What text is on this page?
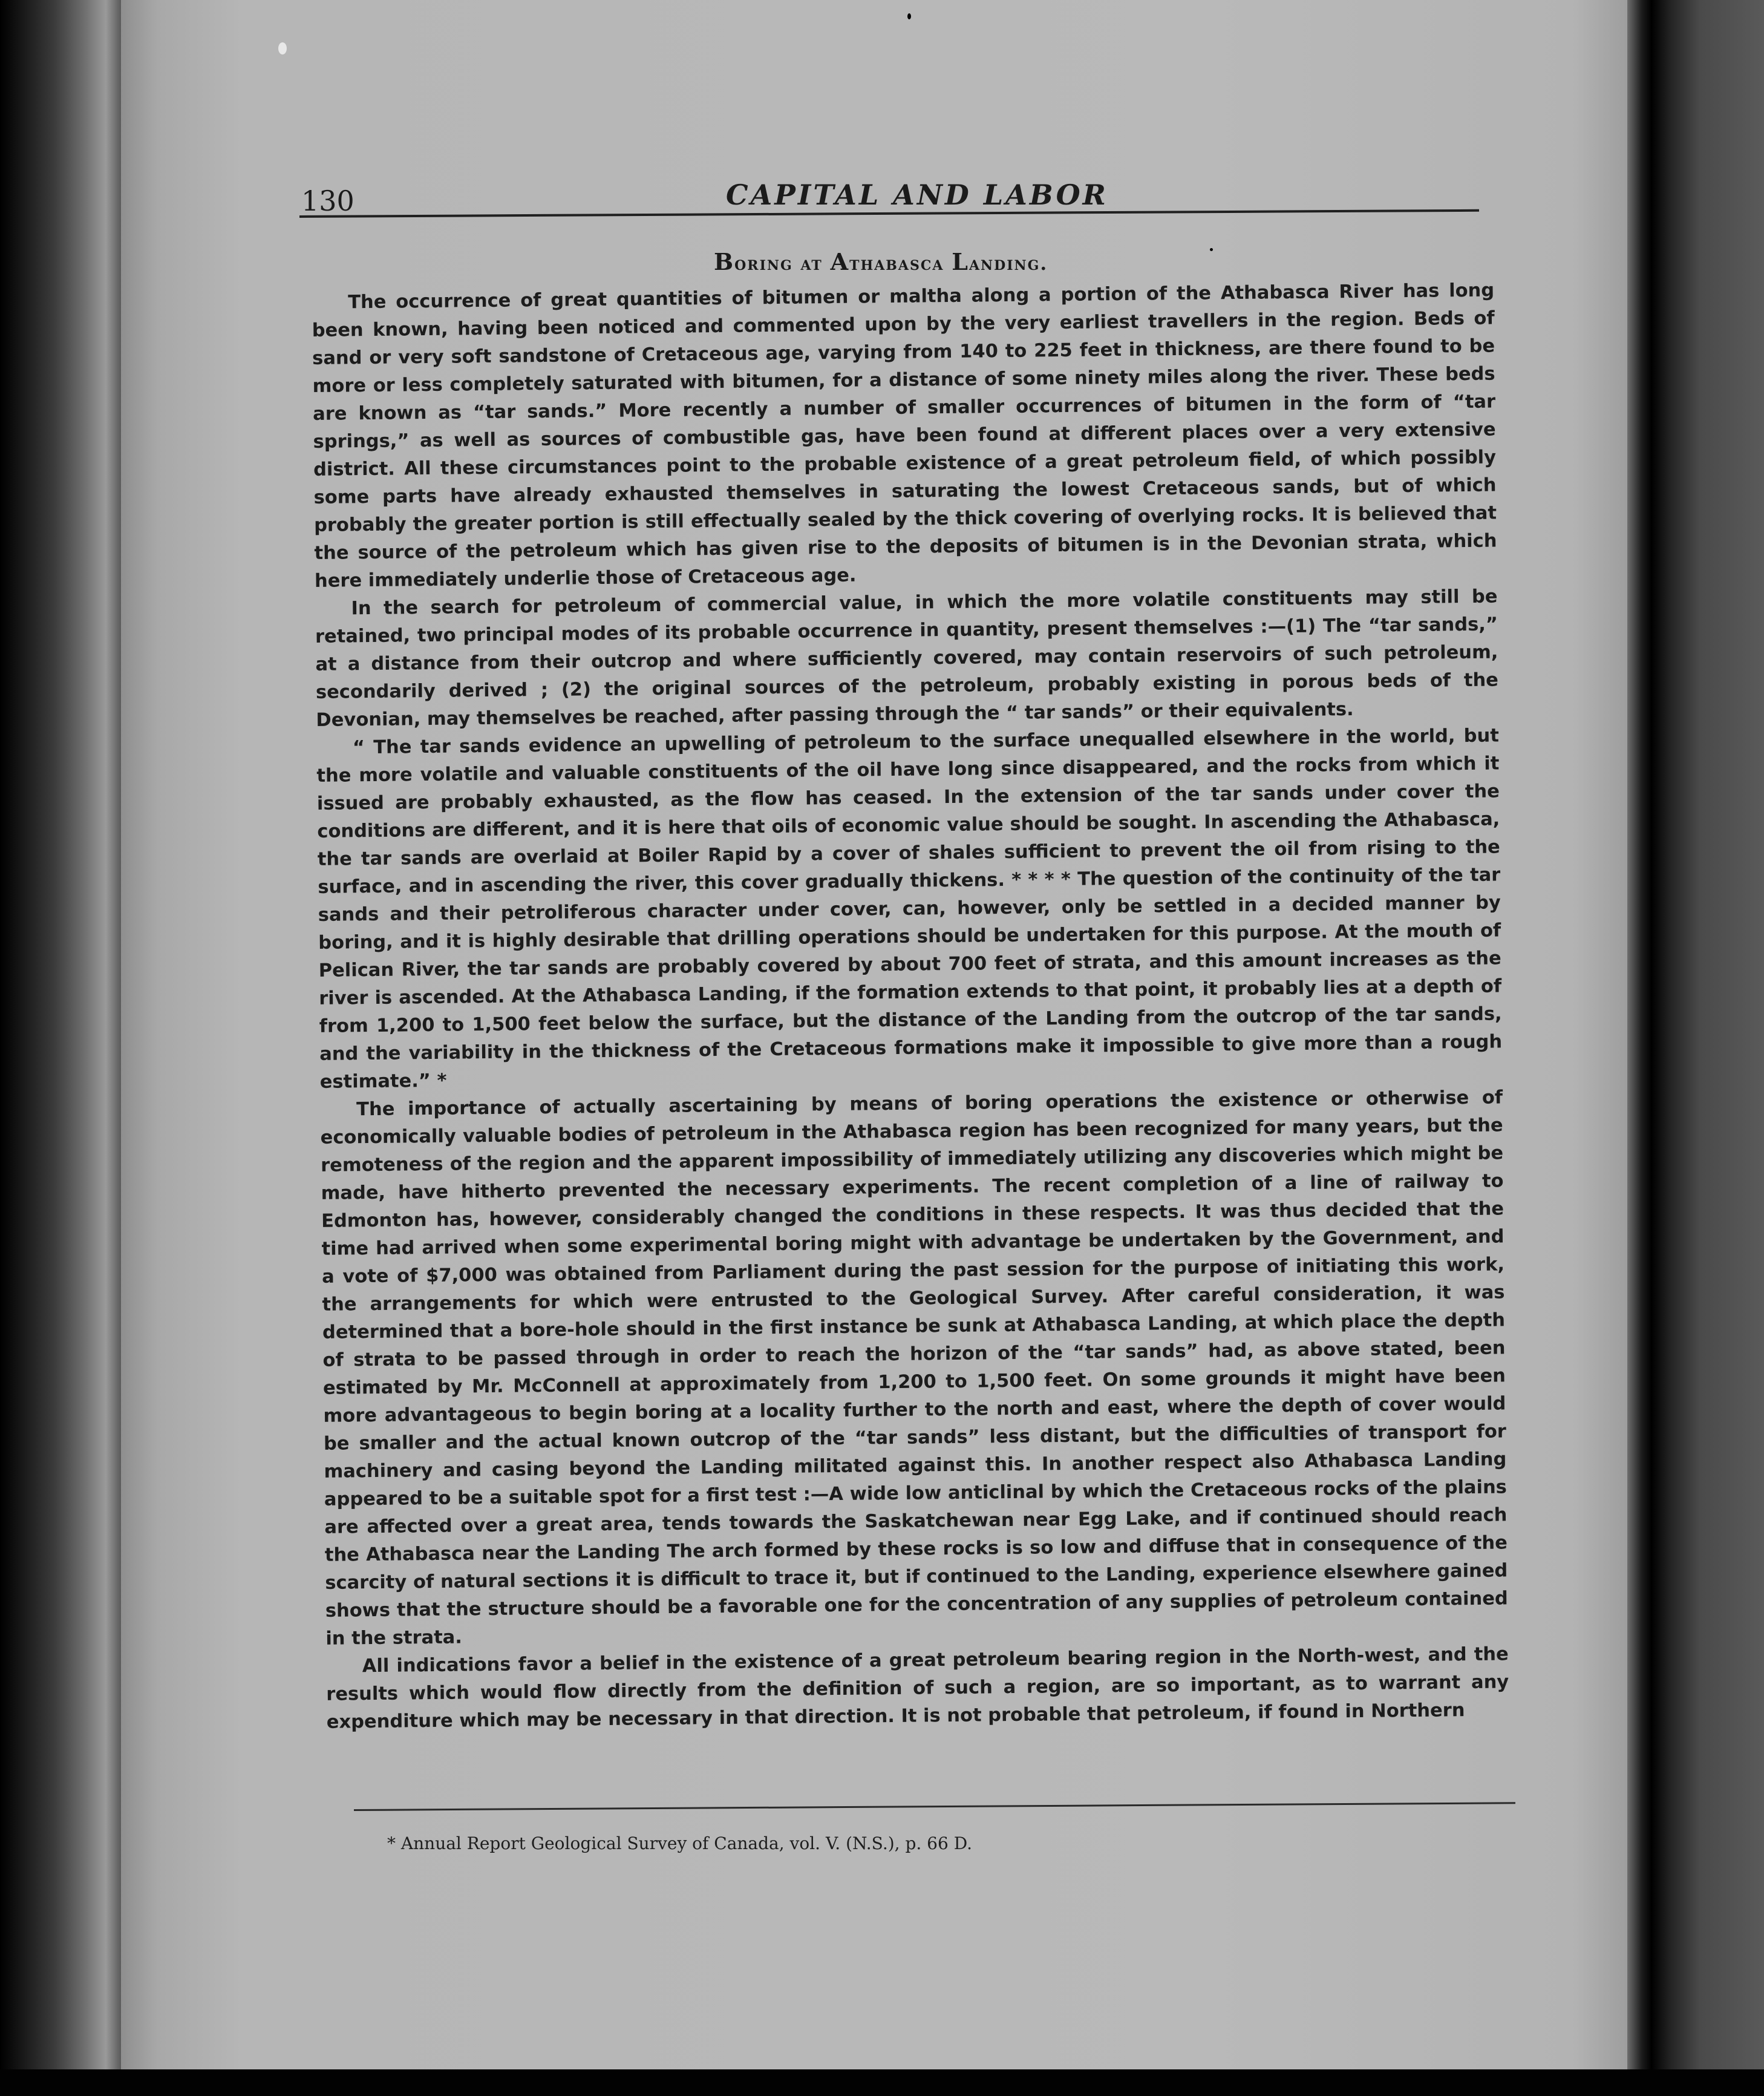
130	CAPITAL AND LABOR
Boring at Athabasca Landing.

The occurrence of great quantities of bitumen or maltha along a portion of the Athabasca River has long been known, having been noticed and commented upon by the very earliest travellers in the region. Beds of sand or very soft sandstone of Cretaceous age, varying from 140 to 225 feet in thickness, are there found to be more or less completely saturated with bitumen, for a distance of some ninety miles along the river. These beds are known as “tar sands.” More recently a number of smaller occurrences of bitumen in the form of “tar springs,” as well as sources of combustible gas, have been found at different places over a very extensive district. All these circumstances point to the probable existence of a great petroleum field, of which possibly some parts have already exhausted themselves in saturating the lowest Cretaceous sands, but of which probably the greater portion is still effectually sealed by the thick covering of overlying rocks. It is believed that the source of the petroleum which has given rise to the deposits of bitumen is in the Devonian strata, which here immediately underlie those of Cretaceous age.

In the search for petroleum of commercial value, in which the more volatile constituents may still be retained, two principal modes of its probable occurrence in quantity, present themselves :—(1) The “tar sands,” at a distance from their outcrop and where sufficiently covered, may contain reservoirs of such petroleum, secondarily derived ; (2) the original sources of the petroleum, probably existing in porous beds of the Devonian, may themselves be reached, after passing through the “ tar sands” or their equivalents.

“ The tar sands evidence an upwelling of petroleum to the surface unequalled elsewhere in the world, but the more volatile and valuable constituents of the oil have long since disappeared, and the rocks from which it issued are probably exhausted, as the flow has ceased. In the extension of the tar sands under cover the conditions are different, and it is here that oils of economic value should be sought. In ascending the Athabasca, the tar sands are overlaid at Boiler Rapid by a cover of shales sufficient to prevent the oil from rising to the surface, and in ascending the river, this cover gradually thickens. * * * * The question of the continuity of the tar sands and their petroliferous character under cover, can, however, only be settled in a decided manner by boring, and it is highly desirable that drilling operations should be undertaken for this purpose. At the mouth of Pelican River, the tar sands are probably covered by about 700 feet of strata, and this amount increases as the river is ascended. At the Athabasca Landing, if the formation extends to that point, it probably lies at a depth of from 1,200 to 1,500 feet below the surface, but the distance of the Landing from the outcrop of the tar sands, and the variability in the thickness of the Cretaceous formations make it impossible to give more than a rough estimate.” *

The importance of actually ascertaining by means of boring operations the existence or otherwise of economically valuable bodies of petroleum in the Athabasca region has been recognized for many years, but the remoteness of the region and the apparent impossibility of immediately utilizing any discoveries which might be made, have hitherto prevented the necessary experiments. The recent completion of a line of railway to Edmonton has, however, considerably changed the conditions in these respects. It was thus decided that the time had arrived when some experimental boring might with advantage be undertaken by the Government, and a vote of $7,000 was obtained from Parliament during the past session for the purpose of initiating this work, the arrangements for which were entrusted to the Geological Survey. After careful consideration, it was determined that a bore-hole should in the first instance be sunk at Athabasca Landing, at which place the depth of strata to be passed through in order to reach the horizon of the “tar sands” had, as above stated, been estimated by Mr. McConnell at approximately from 1,200 to 1,500 feet. On some grounds it might have been more advantageous to begin boring at a locality further to the north and east, where the depth of cover would be smaller and the actual known outcrop of the “tar sands” less distant, but the difficulties of transport for machinery and casing beyond the Landing militated against this. In another respect also Athabasca Landing appeared to be a suitable spot for a first test :—A wide low anticlinal by which the Cretaceous rocks of the plains are affected over a great area, tends towards the Saskatchewan near Egg Lake, and if continued should reach the Athabasca near the Landing The arch formed by these rocks is so low and diffuse that in consequence of the scarcity of natural sections it is difficult to trace it, but if continued to the Landing, experience elsewhere gained shows that the structure should be a favorable one for the concentration of any supplies of petroleum contained in the strata.

All indications favor a belief in the existence of a great petroleum bearing region in the North-west, and the results which would flow directly from the definition of such a region, are so important, as to warrant any expenditure which may be necessary in that direction. It is not probable that petroleum, if found in Northern

* Annual Report Geological Survey of Canada, vol. V. (N.S.), p. 66 D.
